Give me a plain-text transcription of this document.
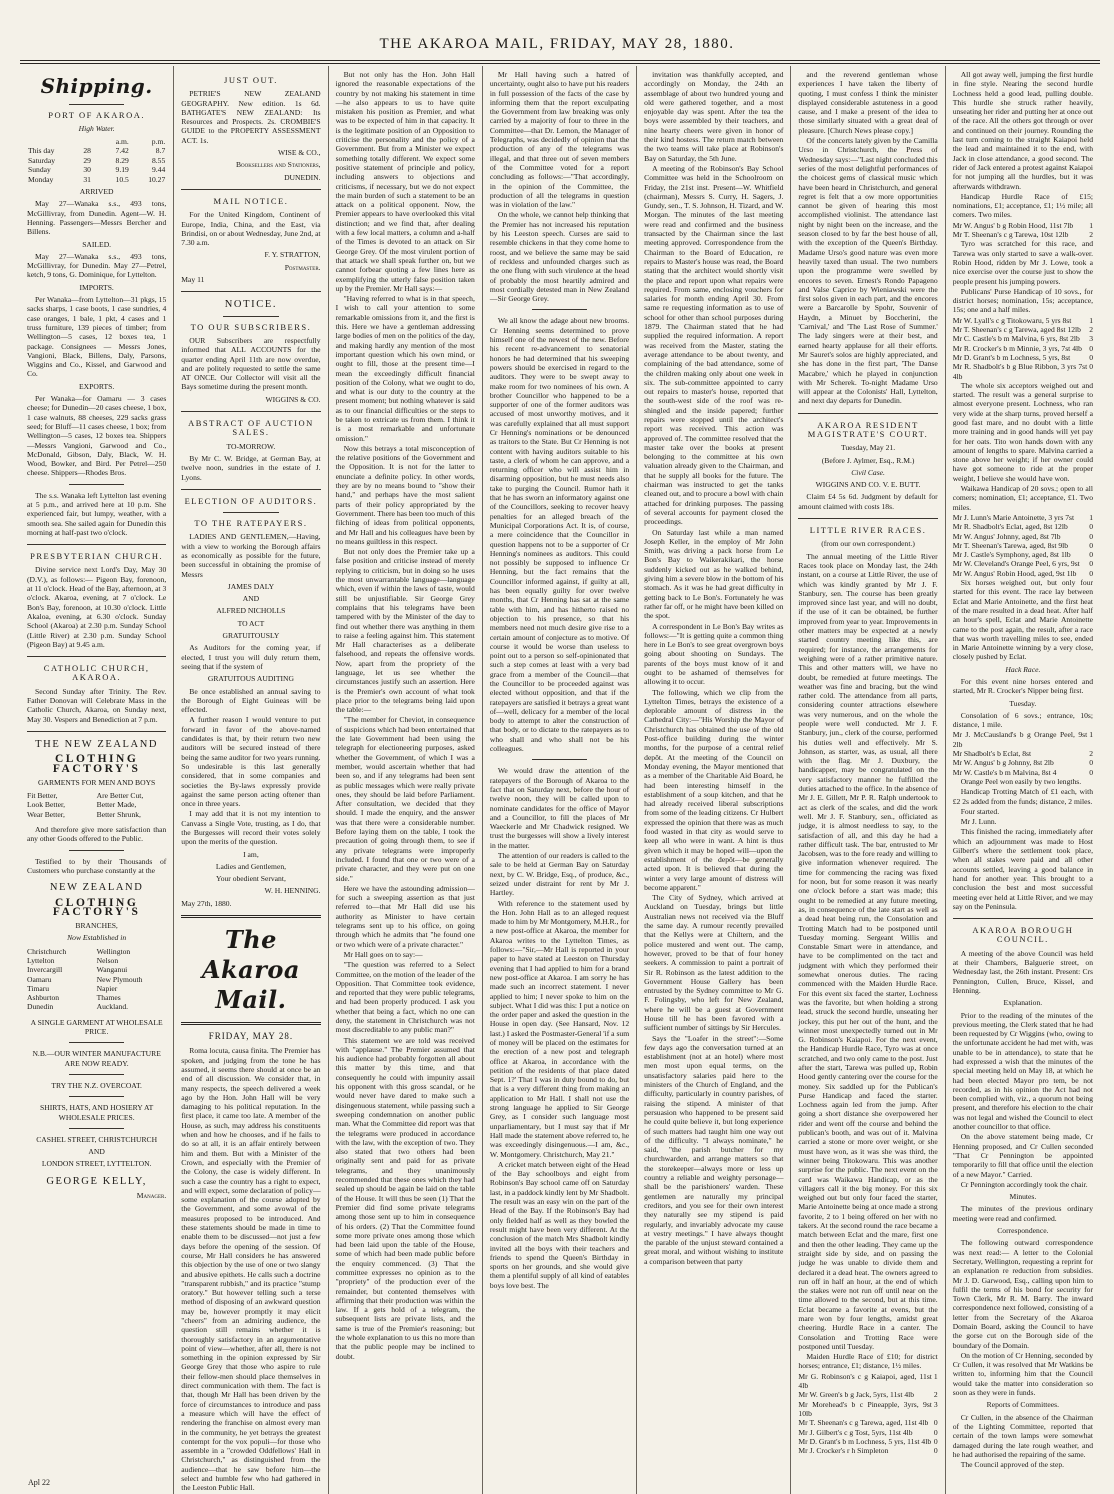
THE AKAROA MAIL, FRIDAY, MAY 28, 1880.
Shipping.
PORT OF AKAROA.
High Water.
		a.m.	p.m.
This day	28	7.42	8.7
Saturday	29	8.29	8.55
Sunday	30	9.19	9.44
Monday	31	10.5	10.27
ARRIVED

May 27—Wanaka s.s., 493 tons, McGillivray, from Dunedin. Agent—W. H. Henning. Passengers—Messrs Bercher and Billens.

SAILED.

May 27—Wanaka s.s., 493 tons, McGillivray, for Dunedin. May 27—Petrel, ketch, 9 tons, G. Dominique, for Lyttelton.

IMPORTS.

Per Wanaka—from Lyttelton—31 pkgs, 15 sacks sharps, 1 case boots, 1 case sundries, 4 case oranges, 1 bale, 1 pkt, 4 cases and 1 truss furniture, 139 pieces of timber; from Wellington—5 cases, 12 boxes tea, 1 package. Consignees — Messrs Jones, Vangioni, Black, Billens, Daly, Parsons, Wiggins and Co., Kissel, and Garwood and Co.

EXPORTS.

Per Wanaka—for Oamaru — 3 cases cheese; for Dunedin—20 cases cheese, 1 box, 1 case walnuts, 88 cheeses, 229 sacks grass seed; for Bluff—11 cases cheese, 1 box; from Wellington—5 cases, 12 boxes tea. Shippers—Messrs Vangioni, Garwood and Co., McDonald, Gibson, Daly, Black, W. H. Wood, Bowker, and Bird. Per Petrel—250 cheese. Shippers—Rhodes Bros.

The s.s. Wanaka left Lyttelton last evening at 5 p.m., and arrived here at 10 p.m. She experienced fair, but lumpy, weather, with a smooth sea. She sailed again for Dunedin this morning at half-past two o'clock.

PRESBYTERIAN CHURCH.

Divine service next Lord's Day, May 30 (D.V.), as follows:— Pigeon Bay, forenoon, at 11 o'clock. Head of the Bay, afternoon, at 3 o'clock. Akaroa, evening, at 7 o'clock. Le Bon's Bay, forenoon, at 10.30 o'clock. Little Akaloa, evening, at 6.30 o'clock. Sunday School (Akaroa) at 2.30 p.m. Sunday School (Little River) at 2.30 p.m. Sunday School (Pigeon Bay) at 9.45 a.m.

CATHOLIC CHURCH, AKAROA.

Second Sunday after Trinity. The Rev. Father Donovan will Celebrate Mass in the Catholic Church, Akaroa, on Sunday next, May 30. Vespers and Benediction at 7 p.m.

THE NEW ZEALAND
CLOTHING FACTORY'S
GARMENTS FOR MEN AND BOYS
Fit Better,	Are Better Cut,
Look Better,	Better Made,
Wear Better,	Better Shrunk,

And therefore give more satisfaction than any other Goods offered to the Public.

Testified to by their Thousands of Customers who purchase constantly at the

NEW ZEALAND
CLOTHING FACTORY'S
BRANCHES,
Now Established in
Christchurch	Wellington
Lyttelton	Nelson
Invercargill	Wanganui
Oamaru	New Plymouth
Timaru	Napier
Ashburton	Thames
Dunedin	Auckland.
A SINGLE GARMENT AT WHOLESALE PRICE.
N.B.—OUR WINTER MANUFACTURE ARE NOW READY.
TRY THE N.Z. OVERCOAT.
SHIRTS, HATS, AND HOSIERY AT WHOLESALE PRICES.
CASHEL STREET, CHRISTCHURCH
AND
LONDON STREET, LYTTELTON.
GEORGE KELLY,
Manager.
Apl 22
JUST OUT.

PETRIE'S NEW ZEALAND GEOGRAPHY. New edition. 1s 6d. BATHGATE'S NEW ZEALAND: Its Resources and Prospects. 2s. CROMBIE'S GUIDE to the PROPERTY ASSESSMENT ACT. 1s.

WISE & CO.,
Booksellers and Stationers,
DUNEDIN.
MAIL NOTICE.

For the United Kingdom, Continent of Europe, India, China, and the East, via Brindisi, on or about Wednesday, June 2nd, at 7.30 a.m.

F. Y. STRATTON,
Postmaster.

May 11

NOTICE.
TO OUR SUBSCRIBERS.

OUR Subscribers are respectfully informed that ALL ACCOUNTS for the quarter ending April 11th are now overdue, and are politely requested to settle the same AT ONCE. Our Collector will visit all the Bays sometime during the present month.

WIGGINS & CO.
ABSTRACT OF AUCTION SALES.
TO-MORROW.

By Mr C. W. Bridge, at German Bay, at twelve noon, sundries in the estate of J. Lyons.

ELECTION OF AUDITORS.
TO THE RATEPAYERS.

LADIES AND GENTLEMEN,—Having, with a view to working the Borough affairs as economically as possible for the future, been successful in obtaining the promise of Messrs

JAMES DALY
AND
ALFRED NICHOLLS
TO ACT
GRATUITOUSLY

As Auditors for the coming year, if elected, I trust you will duly return them, seeing that if the system of

GRATUITOUS AUDITING

Be once established an annual saving to the Borough of Eight Guineas will be effected.

A further reason I would venture to put forward in favor of the above-named candidates is that, by their return two new auditors will be secured instead of there being the same auditor for two years running. So undesirable is this last generally considered, that in some companies and societies the By-laws expressly provide against the same person acting oftener than once in three years.

I may add that it is not my intention to Canvass a Single Vote, trusting, as I do, that the Burgesses will record their votes solely upon the merits of the question.

I am,
Ladies and Gentlemen,
Your obedient Servant,
W. H. HENNING.

May 27th, 1880.

The Akaroa Mail.
FRIDAY, MAY 28.

Roma locuta, causa finita. The Premier has spoken, and judging from the tone he has assumed, it seems there should at once be an end of all discussion. We consider that, in many respects, the speech delivered a week ago by the Hon. John Hall will be very damaging to his political reputation. In the first place, it came too late. A member of the House, as such, may address his constituents when and how he chooses, and if he fails to do so at all, it is an affair entirely between him and them. But with a Minister of the Crown, and especially with the Premier of the Colony, the case is widely different. In such a case the country has a right to expect, and will expect, some declaration of policy—some explanation of the course adopted by the Government, and some avowal of the measures proposed to be introduced. And these statements should be made in time to enable them to be discussed—not just a few days before the opening of the session. Of course, Mr Hall considers he has answered this objection by the use of one or two slangy and abusive epithets. He calls such a doctrine "transparent rubbish," and its practice "stump oratory." But however telling such a terse method of disposing of an awkward question may be, however promptly it may elicit "cheers" from an admiring audience, the question still remains whether it is thoroughly satisfactory in an argumentative point of view—whether, after all, there is not something in the opinion expressed by Sir George Grey that those who aspire to rule their fellow-men should place themselves in direct communication with them. The fact is that, though Mr Hall has been driven by the force of circumstances to introduce and pass a measure which will have the effect of rendering the franchise on almost every man in the community, he yet betrays the greatest contempt for the vox populi—for those who assemble in a "crowded Oddfellows' Hall in Christchurch," as distinguished from the audience—that he saw before him—the select and humble few who had gathered in the Leeston Public Hall.

But not only has the Hon. John Hall ignored the reasonable expectations of the country by not making his statement in time—he also appears to us to have quite mistaken his position as Premier, and what was to be expected of him in that capacity. It is the legitimate position of an Opposition to criticise the personality and the policy of a Government. But from a Minister we expect something totally different. We expect some positive statement of principle and policy, including answers to objections and criticisms, if necessary, but we do not expect the main burden of such a statement to be an attack on a political opponent. Now, the Premier appears to have overlooked this vital distinction; and we find that, after dealing with a few local matters, a column and a-half of the Times is devoted to an attack on Sir George Grey. Of the most virulent portion of that attack we shall speak further on, but we cannot forbear quoting a few lines here as exemplifying the utterly false position taken up by the Premier. Mr Hall says:—

"Having referred to what is in that speech, I wish to call your attention to some remarkable omissions from it, and the first is this. Here we have a gentleman addressing large bodies of men on the politics of the day, and making hardly any mention of the most important question which his own mind, or ought to fill, those at the present time—I mean the exceedingly difficult financial position of the Colony, what we ought to do, and what is our duty to the country at the present moment; but nothing whatever is said as to our financial difficulties or the steps to be taken to extricate us from them. I think it is a most remarkable and unfortunate omission."

Now this betrays a total misconception of the relative positions of the Government and the Opposition. It is not for the latter to enunciate a definite policy. In other words, they are by no means bound to "show their hand," and perhaps have the most salient parts of their policy appropriated by the Government. There has been too much of this filching of ideas from political opponents, and Mr Hall and his colleagues have been by no means guiltless in this respect.

But not only does the Premier take up a false position and criticise instead of merely replying to criticism, but in doing so he uses the most unwarrantable language—language which, even if within the laws of taste, would still be unjustifiable. Sir George Grey complains that his telegrams have been tampered with by the Minister of the day to find out whether there was anything in them to raise a feeling against him. This statement Mr Hall characterises as a deliberate falsehood, and repeats the offensive words. Now, apart from the propriety of the language, let us see whether the circumstances justify such an assertion. Here is the Premier's own account of what took place prior to the telegrams being laid upon the table:—

"The member for Cheviot, in consequence of suspicions which had been entertained that the late Government had been using the telegraph for electioneering purposes, asked whether the Government, of which I was a member, would ascertain whether that had been so, and if any telegrams had been sent as public messages which were really private ones, they should be laid before Parliament. After consultation, we decided that they should. I made the enquiry, and the answer was that there were a considerable number. Before laying them on the table, I took the precaution of going through them, to see if any private telegrams were improperly included. I found that one or two were of a private character, and they were put on one side."

Here we have the astounding admission—for such a sweeping assertion as that just referred to—that Mr Hall did use his authority as Minister to have certain telegrams sent up to his office, on going through which he admits that "he found one or two which were of a private character."

Mr Hall goes on to say:—

"The question was referred to a Select Committee, on the motion of the leader of the Opposition. That Committee took evidence, and reported that they were public telegrams, and had been properly produced. I ask you whether that being a fact, which no one can deny, the statement in Christchurch was not most discreditable to any public man?"

This statement we are told was received with "applause." The Premier assumed that his audience had probably forgotten all about this matter by this time, and that consequently he could with impunity assail his opponent with this gross scandal, or he would never have dared to make such a disingenuous statement, while passing such a sweeping condemnation on another public man. What the Committee did report was that the telegrams were produced in accordance with the law, with the exception of two. They also stated that two others had been originally sent and paid for as private telegrams, and they unanimously recommended that these ones which they had sealed up should be again be laid on the table of the House. It will thus be seen (1) That the Premier did find some private telegrams among those sent up to him in consequence of his orders. (2) That the Committee found some more private ones among those which had been laid upon the table of the House, some of which had been made public before the enquiry commenced. (3) That the committee expresses no opinion as to the "propriety" of the production ever of the remainder, but contented themselves with affirming that their production was within the law. If a gets hold of a telegram, the subsequent lists are private lists, and the same is true of the Premier's reasoning; but the whole explanation to us this no more than that the public people may be inclined to doubt.

Mr Hall having such a hatred of uncertainty, ought also to have put his readers in full possession of the facts of the case by informing them that the report exculpating the Government from law breaking was only carried by a majority of four to three in the Committee—that Dr. Lemon, the Manager of Telegraphs, was decidedly of opinion that the production of any of the telegrams was illegal, and that three out of seven members of the Committee voted for a report concluding as follows:—"That accordingly, in the opinion of the Committee, the production of all the telegrams in question was in violation of the law."

On the whole, we cannot help thinking that the Premier has not increased his reputation by his Leeston speech. Curses are said to resemble chickens in that they come home to roost, and we believe the same may be said of reckless and unfounded charges such as the one flung with such virulence at the head of probably the most heartily admired and most cordially detested man in New Zealand—Sir George Grey.

We all know the adage about new brooms. Cr Henning seems determined to prove himself one of the newest of the new. Before his recent re-advancement to senatorial honors he had determined that his sweeping powers should be exercised in regard to the auditors. They were to be swept away to make room for two nominees of his own. A brother Councillor who happened to be a supporter of one of the former auditors was accused of most unworthy motives, and it was carefully explained that all must support Cr Henning's nominations or be denounced as traitors to the State. But Cr Henning is not content with having auditors suitable to his taste, a clerk of whom he can approve, and a returning officer who will assist him in disarming opposition, but he must needs also take to purging the Council. Rumor hath it that he has sworn an informatory against one of the Councillors, seeking to recover heavy penalties for an alleged breach of the Municipal Corporations Act. It is, of course, a mere coincidence that the Councillor in question happens not to be a supporter of Cr Henning's nominees as auditors. This could not possibly be supposed to influence Cr Henning, but the fact remains that the Councillor informed against, if guilty at all, has been equally guilty for over twelve months, that Cr Henning has sat at the same table with him, and has hitherto raised no objection to his presence, so that his members need not much desire give rise to a certain amount of conjecture as to motive. Of course it would be worse than useless to point out to a person so self-opinionated that such a step comes at least with a very bad grace from a member of the Council—that the Councillor to be proceeded against was elected without opposition, and that if the ratepayers are satisfied it betrays a great want of—well, delicacy for a member of the local body to attempt to alter the construction of that body, or to dictate to the ratepayers as to who shall and who shall not be his colleagues.

We would draw the attention of the ratepayers of the Borough of Akaroa to the fact that on Saturday next, before the hour of twelve noon, they will be called upon to nominate candidates for the office of Mayor and a Councillor, to fill the places of Mr Waeckerle and Mr Chadwick resigned. We trust the burgesses will show a lively interest in the matter.

The attention of our readers is called to the sale to be held at German Bay on Saturday next, by C. W. Bridge, Esq., of produce, &c., seized under distraint for rent by Mr J. Hartley.

With reference to the statement used by the Hon. John Hall as to an alleged request made to him by Mr Montgomery, M.H.R., for a new post-office at Akaroa, the member for Akaroa writes to the Lyttelton Times, as follows:—"Sir,—Mr Hall is reported in your paper to have stated at Leeston on Thursday evening that I had applied to him for a brand new post-office at Akaroa. I am sorry he has made such an incorrect statement. I never applied to him; I never spoke to him on the subject. What I did was this: I put a notice on the order paper and asked the question in the House in open day. (See Hansard, Nov. 12 last.) I asked the Postmaster-General 'if a sum of money will be placed on the estimates for the erection of a new post and telegraph office at Akaroa, in accordance with the petition of the residents of that place dated Sept. 1?' That I was in duty bound to do, but that is a very different thing from making an application to Mr Hall. I shall not use the strong language he applied to Sir George Grey, as I consider such language most unparliamentary, but I must say that if Mr Hall made the statement above referred to, he was exceedingly disingenuous.—I am, &c., W. Montgomery. Christchurch, May 21."

A cricket match between eight of the Head of the Bay schoolboys and eight from Robinson's Bay school came off on Saturday last, in a paddock kindly lent by Mr Shadbolt. The result was an easy win on the part of the Head of the Bay. If the Robinson's Bay had only fielded half as well as they bowled the result might have been very different. At the conclusion of the match Mrs Shadbolt kindly invited all the boys with their teachers and friends to spend the Queen's Birthday in sports on her grounds, and she would give them a plentiful supply of all kind of eatables boys love best. The

invitation was thankfully accepted, and accordingly on Monday, the 24th an assemblage of about two hundred young and old were gathered together, and a most enjoyable day was spent. After the tea the boys were assembled by their teachers, and nine hearty cheers were given in honor of their kind hostess. The return match between the two teams will take place at Robinson's Bay on Saturday, the 5th June.

A meeting of the Robinson's Bay School Committee was held in the Schoolroom on Friday, the 21st inst. Present—W. Whitfield (chairman), Messrs S. Curry, H. Sagers, J. Gundy, sen., T. S. Johnson, H. Tizard, and W. Morgan. The minutes of the last meeting were read and confirmed and the business transacted by the Chairman since the last meeting approved. Correspondence from the Chairman to the Board of Education, re repairs to Master's house was read, the Board stating that the architect would shortly visit the place and report upon what repairs were required. From same, enclosing vouchers for salaries for month ending April 30. From same re requesting information as to use of school for other than school purposes during 1879. The Chairman stated that he had supplied the required information. A report was received from the Master, stating the average attendance to be about twenty, and complaining of the bad attendance, some of the children making only about one week in six. The sub-committee appointed to carry out repairs to master's house, reported that the south-west side of the roof was re-shingled and the inside papered; further repairs were stopped until the architect's report was received. This action was approved of. The committee resolved that the master take over the books at present belonging to the committee at his own valuation already given to the Chairman, and that he supply all books for the future. The chairman was instructed to get the tanks cleaned out, and to procure a bowl with chain attached for drinking purposes. The passing of several accounts for payment closed the proceedings.

On Saturday last while a man named Joseph Keller, in the employ of Mr John Smith, was driving a pack horse from Le Bon's Bay to Waikerakikari, the horse suddenly kicked out as he walked behind, giving him a severe blow in the bottom of his stomach. As it was he had great difficulty in getting back to Le Bon's. Fortunately he was rather far off, or he might have been killed on the spot.

A correspondent in Le Bon's Bay writes as follows:—"It is getting quite a common thing here in Le Bon's to see great overgrown boys going about shooting on Sundays. The parents of the boys must know of it and ought to be ashamed of themselves for allowing it to occur.

The following, which we clip from the Lyttelton Times, betrays the existence of a deplorable amount of distress in the Cathedral City:—"His Worship the Mayor of Christchurch has obtained the use of the old Post-office building during the winter months, for the purpose of a central relief depôt. At the meeting of the Council on Monday evening, the Mayor mentioned that as a member of the Charitable Aid Board, he had been interesting himself in the establishment of a soup kitchen, and that he had already received liberal subscriptions from some of the leading citizens. Cr Hulbert expressed the opinion that there was as much food wasted in that city as would serve to keep all who were in want. A hint is thus given which it may be hoped will—upon the establishment of the depôt—be generally acted upon. It is believed that during the winter a very large amount of distress will become apparent."

The City of Sydney, which arrived at Auckland on Tuesday, brings but little Australian news not received via the Bluff the same day. A rumour recently prevailed that the Kellys were at Chiltern, and the police mustered and went out. The camp, however, proved to be that of four honey seekers. A commission to paint a portrait of Sir R. Robinson as the latest addition to the Government House Gallery has been entrusted by the Sydney committee to Mr G. F. Folingsby, who left for New Zealand, where he will be a guest at Government House till he has been favored with a sufficient number of sittings by Sir Hercules.

Says the "Loafer in the street":—Some few days ago the conversation turned at an establishment (not at an hotel) where most men most upon equal terms, on the unsatisfactory salaries paid here to the ministers of the Church of England, and the difficulty, particularly in country parishes, of raising the stipend. A minister of that persuasion who happened to be present said he could quite believe it, but long experience of such matters had taught him one way out of the difficulty. "I always nominate," he said, "the parish butcher for my churchwarden, and arrange matters so that the storekeeper—always more or less up country a reliable and weighty personage—shall be the parishioners' warden. These gentlemen are naturally my principal creditors, and you see for their own interest they naturally see my stipend is paid regularly, and invariably advocate my cause at vestry meetings." I have always thought the parable of the unjust steward contained a great moral, and without wishing to institute a comparison between that party

and the reverend gentleman whose experiences I have taken the liberty of quoting, I must confess I think the minister displayed considerable astuteness in a good cause, and I make a present of the idea to those similarly situated with a great deal of pleasure. [Church News please copy.]

Of the concerts lately given by the Camilla Urso in Christchurch, the Press of Wednesday says:—"Last night concluded this series of the most delightful performances of the choicest gems of classical music which have been heard in Christchurch, and general regret is felt that a ow more opportunities cannot be given of hearing this most accomplished violinist. The attendance last night by night been on the increase, and the season closed to by far the best house of all, with the exception of the Queen's Birthday. Madame Urso's good nature was even more heavily taxed than usual. The two numbers upon the programme were swelled by encores to seven. Ernest's Rondo Papageno and Valse Caprice by Wieniawski were the first solos given in each part, and the encores were a Barcarolle by Spohr, Souvenir of Haydn, a Minuet by Boccherini, the 'Carnival,' and 'The Last Rose of Summer.' The lady singers were at their best, and earned hearty applause for all their efforts. Mr Sauret's solos are highly appreciated, and she has done in the first part, 'The Danse Macabre,' which he played in conjunction with Mr Scherek. To-night Madame Urso will appear at the Colonists' Hall, Lyttelton, and next day departs for Dunedin.

AKAROA RESIDENT MAGISTRATE'S COURT.
Tuesday, May 21.
(Before J. Aylmer, Esq., R.M.)
Civil Case.
WIGGINS AND CO. V. E. BUTT.

Claim £4 5s 6d. Judgment by default for amount claimed with costs 18s.

LITTLE RIVER RACES.
(from our own correspondent.)

The annual meeting of the Little River Races took place on Monday last, the 24th instant, on a course at Little River, the use of which was kindly granted by Mr J. F. Stanbury, sen. The course has been greatly improved since last year, and will no doubt, if the use of it can be obtained, be further improved from year to year. Improvements in other matters may be expected at a newly started country meeting like this, are required; for instance, the arrangements for weighing were of a rather primitive nature. This and other matters will, we have no doubt, be remedied at future meetings. The weather was fine and bracing, but the wind rather cold. The attendance from all parts, considering counter attractions elsewhere was very numerous, and on the whole the people were well conducted. Mr J. F. Stanbury, jun., clerk of the course, performed his duties well and effectively. Mr S. Johnson, as starter, was, as usual, all there with the flag. Mr J. Duxbury, the handicapper, may be congratulated on the very satisfactory manner he fulfilled the duties attached to the office. In the absence of Mr J. E. Gillett, Mr P. R. Ralph undertook to act as clerk of the scales, and did the work well. Mr J. F. Stanbury, sen., officiated as judge, it is almost needless to say, to the satisfaction of all, and this day he had a rather difficult task. The bar, entrusted to Mr Jacobsen, was to the fore ready and willing to give information whenever required. The time for commencing the racing was fixed for noon, but for some reason it was nearly one o'clock before a start was made; this ought to be remedied at any future meeting, as, in consequence of the late start as well as a dead heat being run, the Consolation and Trotting Match had to be postponed until Tuesday morning. Sergeant Willis and Constable Smart were in attendance, and have to be complimented on the tact and judgment with which they performed their somewhat onerous duties. The racing commenced with the Maiden Hurdle Race. For this event six faced the starter, Lochness was the favorite, but when holding a strong lead, struck the second hurdle, unseating her jockey, this put her out of the hunt, and the winner most unexpectedly turned out in Mr G. Robinson's Kaiapoi. For the next event, the Handicap Hurdle Race, Tyro was at once scratched, and two only came to the post. Just after the start, Tarewa was pulled up, Robin Hood gently cantering over the course for the money. Six saddled up for the Publican's Purse Handicap and faced the starter. Lochness again led from the jump. After going a short distance she overpowered her rider and went off the course and behind the publican's booth, and was out of it. Malvina carried a stone or more over weight, or she must have won, as it was she was third, the winner being Titokowaru. This was another surprise for the public. The next event on the card was Waikawa Handicap, or as the villagers call it the big money. For this six weighed out but only four faced the starter, Marie Antoinette being at once made a strong favorite, 2 to 1 being offered on her with no takers. At the second round the race became a match between Eclat and the mare, first one and then the other leading. They came up the straight side by side, and on passing the judge he was unable to divide them and declared it a dead heat. The owners agreed to run off in half an hour, at the end of which the stakes were not run off until near on the time allowed to the second, but at this time. Eclat became a favorite at evens, but the mare won by four lengths, amidst great cheering. Hurdle Race in a canter. The Consolation and Trotting Race were postponed until Tuesday.

Maiden Hurdle Race of £10; for district horses; entrance, £1; distance, 1½ miles.

Mr G. Robinson's c g Kaiapoi, aged, 11st 4lb
1
Mr W. Green's b g Jack, 5yrs, 11st 4lb	2
Mr Morehead's b c Pineapple, 3yrs, 9st 10lb
3
Mr T. Sheenan's c g Tarewa, aged, 11st 4lb 0
Mr J. Gilbert's c g Tost, 5yrs, 11st 4lb	0
Mr D. Grant's b m Lochness, 5 yrs, 11st 4lb 0
Mr J. Crocker's r h Simpleton	0

All got away well, jumping the first hurdle in fine style. Nearing the second hurdle Lochness held a good lead, pulling double. This hurdle she struck rather heavily, unseating her rider and putting her at once out of the race. All the others got through or over and continued on their journey. Rounding the last turn coming to the straight Kaiapoi held the lead and maintained it to the end, with Jack in close attendance, a good second. The rider of Jack entered a protest against Kaiapoi for not jumping all the hurdles, but it was afterwards withdrawn.

Handicap Hurdle Race of £15; nominations, £1; acceptance, £1; 1½ mile; all comers. Two miles.

Mr W. Angus' b g Robin Hood, 11st 7lb 1
Mr T. Sheenan's c g Tarewa, 10st 12lb	2

Tyro was scratched for this race, and Tarewa was only started to save a walk-over. Robin Hood, ridden by Mr J. Lowe, took a nice exercise over the course just to show the people present his jumping powers.

Publicans' Purse Handicap of 10 sovs., for district horses; nomination, 15s; acceptance, 15s; one and a half miles.

Mr W. Lyall's c g Titokowaru, 5 yrs 8st 1
Mr T. Sheenan's c g Tarewa, aged 8st 12lb 2
Mr C. Castle's b m Malvina, 6 yrs, 8st 2lb 3
Mr R. Crocker's b m Minnie, 3 yrs, 7st 4lb 0
Mr D. Grant's b m Lochness, 5 yrs, 8st 0
Mr R. Shadbolt's b g Blue Ribbon, 3 yrs 7st 4lb
0

The whole six acceptors weighed out and started. The result was a general surprise to almost everyone present. Lochness, who ran very wide at the sharp turns, proved herself a good fast mare, and no doubt with a little more training and in good hands will yet pay for her oats. Tito won hands down with any amount of lengths to spare. Malvina carried a stone above her weight; if her owner could have got someone to ride at the proper weight, I believe she would have won.

Waikawa Handicap of 20 sovs.; open to all comers; nomination, £1; acceptance, £1. Two miles.

Mr J. Lunn's Marie Antoinette, 3 yrs 7st 1
Mr R. Shadbolt's Eclat, aged, 8st 12lb	0
Mr W. Angus' Johnny, aged, 8st 7lb	0
Mr T. Sheenan's Tarewa, aged, 8st 9lb	0
Mr J. Castle's Symphony, aged, 8st 1lb 0
Mr W. Cleveland's Orange Peel, 6 yrs, 9st 0
Mr W. Angus' Robin Hood, aged, 9st 1lb 0

Six horses weighed out, but only four started for this event. The race lay between Eclat and Marie Antoinette, and the first heat of the mare resulted in a dead heat. After half an hour's spell, Eclat and Marie Antoinette came to the post again, the result, after a race that was worth travelling miles to see, ended in Marie Antoinette winning by a very close, closely pushed by Eclat.

Hack Race.

For this event nine horses entered and started, Mr R. Crocker's Nipper being first.

Tuesday.

Consolation of 6 sovs.; entrance, 10s; distance, 1 mile.

Mr J. McCausland's b g Orange Peel, 9st 2lb
1
Mr Shadbolt's b Eclat, 8st	2
Mr W. Angus' b g Johnny, 8st 2lb	0
Mr W. Castle's b m Malvina, 8st 4	0

Orange Peel won easily by two lengths.

Handicap Trotting Match of £1 each, with £2 2s added from the funds; distance, 2 miles.

Four started.

Mr J. Lunn.

This finished the racing, immediately after which an adjournment was made to Host Gilbert's where the settlement took place, when all stakes were paid and all other accounts settled, leaving a good balance in hand for another year. This brought to a conclusion the best and most successful meeting ever held at Little River, and we may say on the Peninsula.

AKAROA BOROUGH COUNCIL.

A meeting of the above Council was held at their Chambers, Balguerie street, on Wednesday last, the 26th instant. Present: Crs Pennington, Cullen, Bruce, Kissel, and Henning.

Explanation.

Prior to the reading of the minutes of the previous meeting, the Clerk stated that he had been requested by Cr Wiggins (who, owing to the unfortunate accident he had met with, was unable to be in attendance), to state that he had expressed a wish that the minutes of the special meeting held on May 18, at which he had been elected Mayor pro tem, be not recorded, as in his opinion the Act had not been complied with, viz., a quorum not being present, and therefore his election to the chair was not legal and wished the Council to elect another councillor to that office.

On the above statement being made, Cr Henning proposed, and Cr Cullen seconded "That Cr Pennington be appointed temporarily to fill that office until the election of a new Mayor." Carried.

Cr Pennington accordingly took the chair.

Minutes.

The minutes of the previous ordinary meeting were read and confirmed.

Correspondence.

The following outward correspondence was next read:— A letter to the Colonial Secretary, Wellington, requesting a reprint for an explanation re reduction from subsidies. Mr J. D. Garwood, Esq., calling upon him to fulfil the terms of his bond for security for Town Clerk, Mr R. M. Barry. The inward correspondence next followed, consisting of a letter from the Secretary of the Akaroa Domain Board, asking the Council to have the gorse cut on the Borough side of the boundary of the Domain.

On the motion of Cr Henning, seconded by Cr Cullen, it was resolved that Mr Watkins be written to, informing him that the Council would take the matter into consideration so soon as they were in funds.

Reports of Committees.

Cr Cullen, in the absence of the Chairman of the Lighting Committee, reported that certain of the town lamps were somewhat damaged during the late rough weather, and he had authorised the repairing of the same.

The Council approved of the step.
